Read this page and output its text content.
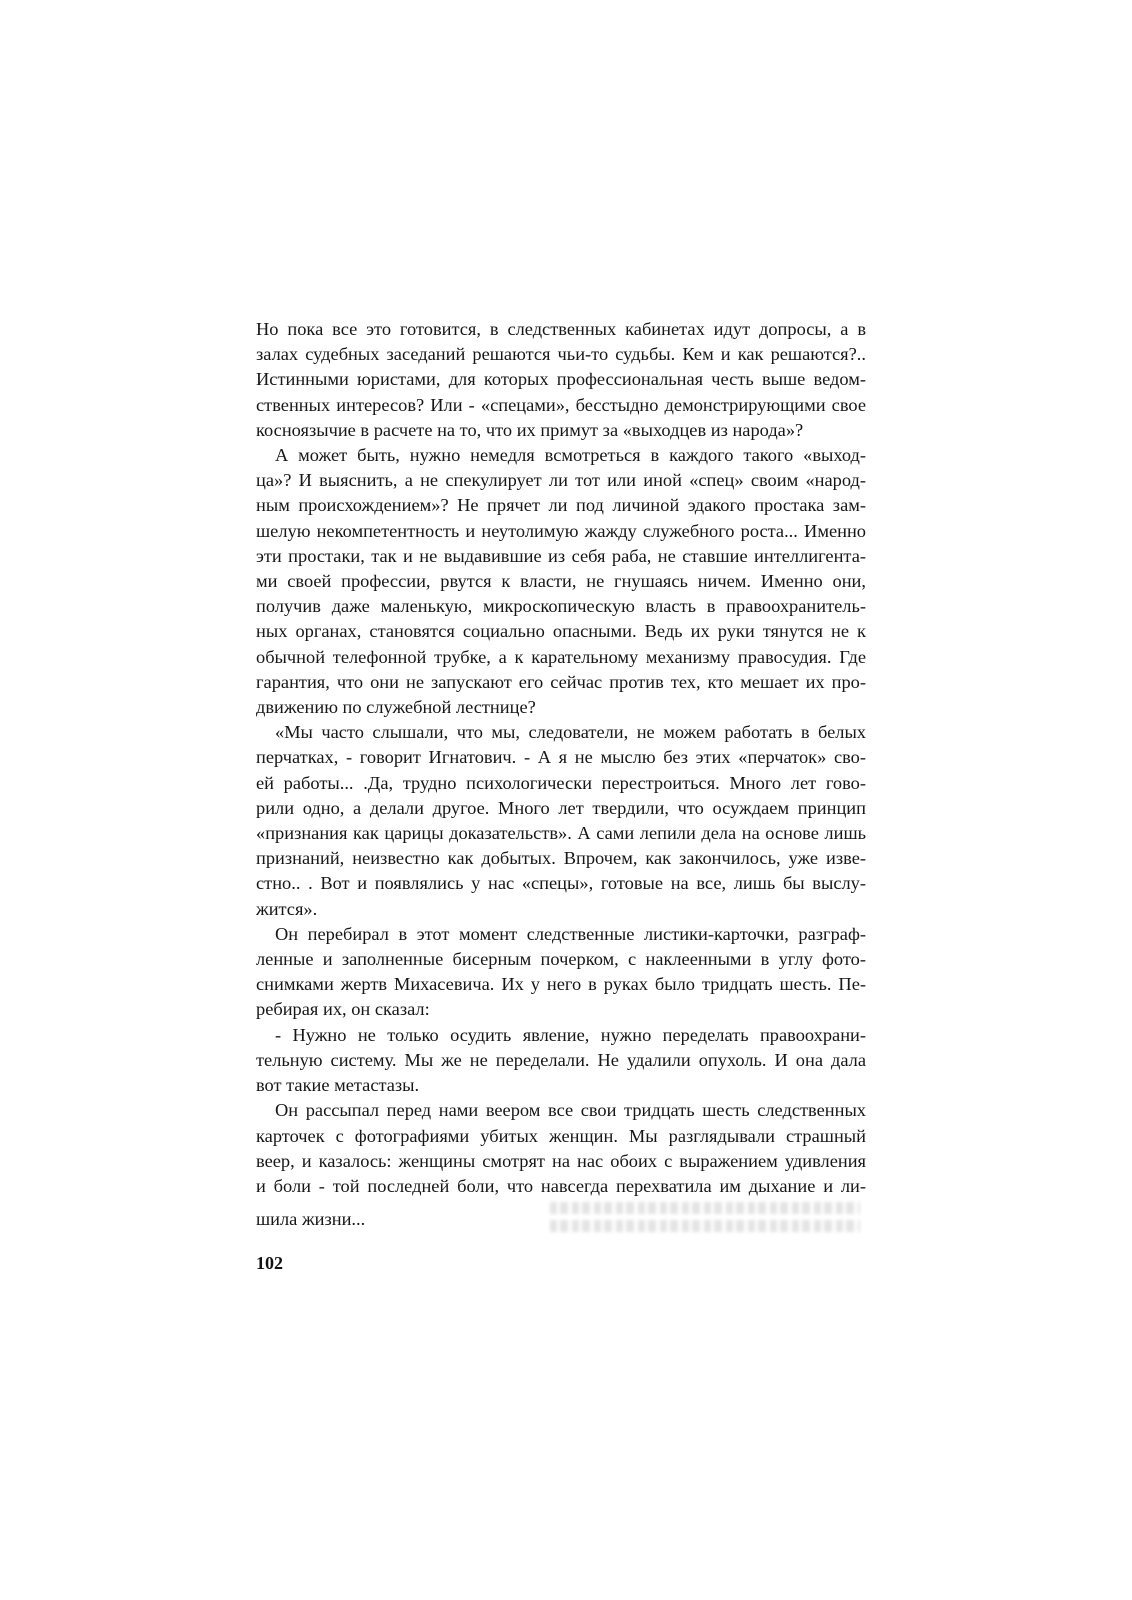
Но пока все это готовится, в следственных кабинетах идут допросы, а в
залах судебных заседаний решаются чьи-то судьбы. Кем и как решаются?..
Истинными юристами, для которых профессиональная честь выше ведом-
ственных интересов? Или - «спецами», бесстыдно демонстрирующими свое
косноязычие в расчете на то, что их примут за «выходцев из народа»?
А может быть, нужно немедля всмотреться в каждого такого «выход-
ца»? И выяснить, а не спекулирует ли тот или иной «спец» своим «народ-
ным происхождением»? Не прячет ли под личиной эдакого простака зам-
шелую некомпетентность и неутолимую жажду служебного роста... Именно
эти простаки, так и не выдавившие из себя раба, не ставшие интеллигента-
ми своей профессии, рвутся к власти, не гнушаясь ничем. Именно они,
получив даже маленькую, микроскопическую власть в правоохранитель-
ных органах, становятся социально опасными. Ведь их руки тянутся не к
обычной телефонной трубке, а к карательному механизму правосудия. Где
гарантия, что они не запускают его сейчас против тех, кто мешает их про-
движению по служебной лестнице?
«Мы часто слышали, что мы, следователи, не можем работать в белых
перчатках, - говорит Игнатович. - А я не мыслю без этих «перчаток» сво-
ей работы... .Да, трудно психологически перестроиться. Много лет гово-
рили одно, а делали другое. Много лет твердили, что осуждаем принцип
«признания как царицы доказательств». А сами лепили дела на основе лишь
признаний, неизвестно как добытых. Впрочем, как закончилось, уже изве-
стно.. . Вот и появлялись у нас «спецы», готовые на все, лишь бы выслу-
жится».
Он перебирал в этот момент следственные листики-карточки, разграф-
ленные и заполненные бисерным почерком, с наклеенными в углу фото-
снимками жертв Михасевича. Их у него в руках было тридцать шесть. Пе-
ребирая их, он сказал:
- Нужно не только осудить явление, нужно переделать правоохрани-
тельную систему. Мы же не переделали. Не удалили опухоль. И она дала
вот такие метастазы.
Он рассыпал перед нами веером все свои тридцать шесть следственных
карточек с фотографиями убитых женщин. Мы разглядывали страшный
веер, и казалось: женщины смотрят на нас обоих с выражением удивления
и боли - той последней боли, что навсегда перехватила им дыхание и ли-
шила жизни...
102
